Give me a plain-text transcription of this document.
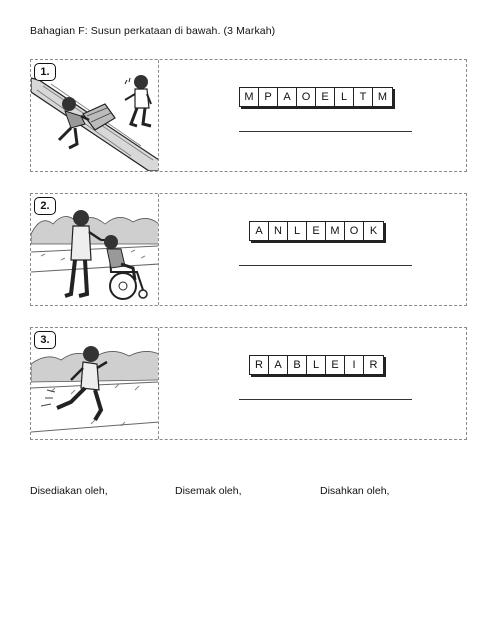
Bahagian F: Susun perkataan di bawah. (3 Markah)
1.
M P	A	O	E	L	T	M
2.
A	N	L	E M O	K
3.
R	A	B	L	E	I	R
Disediakan oleh,	Disemak oleh,	Disahkan oleh,
